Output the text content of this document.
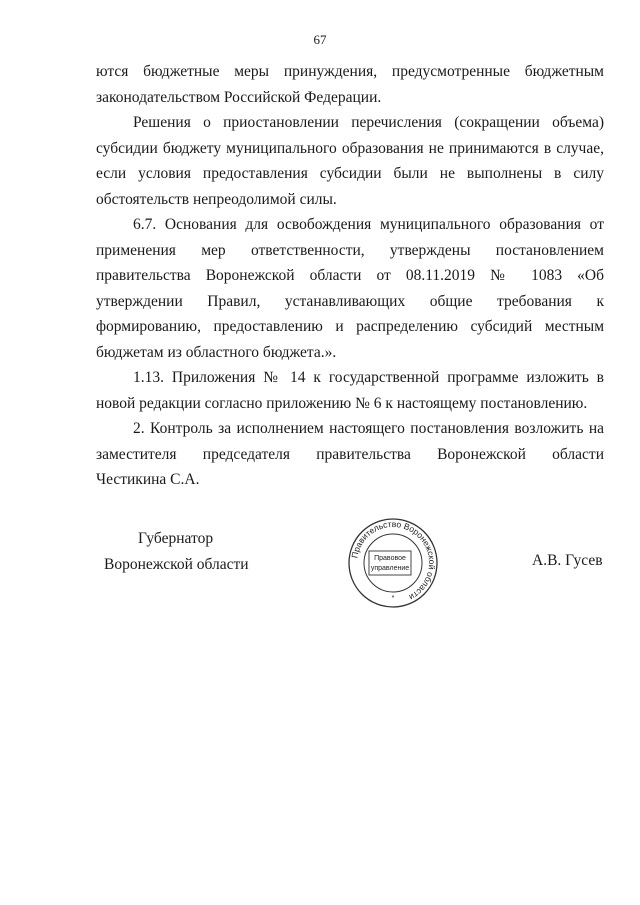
67

ются бюджетные меры принуждения, предусмотренные бюджетным законодательством Российской Федерации.

Решения о приостановлении перечисления (сокращении объема) субсидии бюджету муниципального образования не принимаются в случае, если условия предоставления субсидии были не выполнены в силу обстоятельств непреодолимой силы.

6.7. Основания для освобождения муниципального образования от применения мер ответственности, утверждены постановлением правительства Воронежской области от 08.11.2019 № 1083 «Об утверждении Правил, устанавливающих общие требования к формированию, предоставлению и распределению субсидий местным бюджетам из областного бюджета.».

1.13. Приложения № 14 к государственной программе изложить в новой редакции согласно приложению № 6 к настоящему постановлению.

2. Контроль за исполнением настоящего постановления возложить на

заместителя председателя правительства Воронежской области

Честикина С.А.

Губернатор
Воронежской области
Правительство Воронежской области
Правовое
управление
*
А.В. Гусев
